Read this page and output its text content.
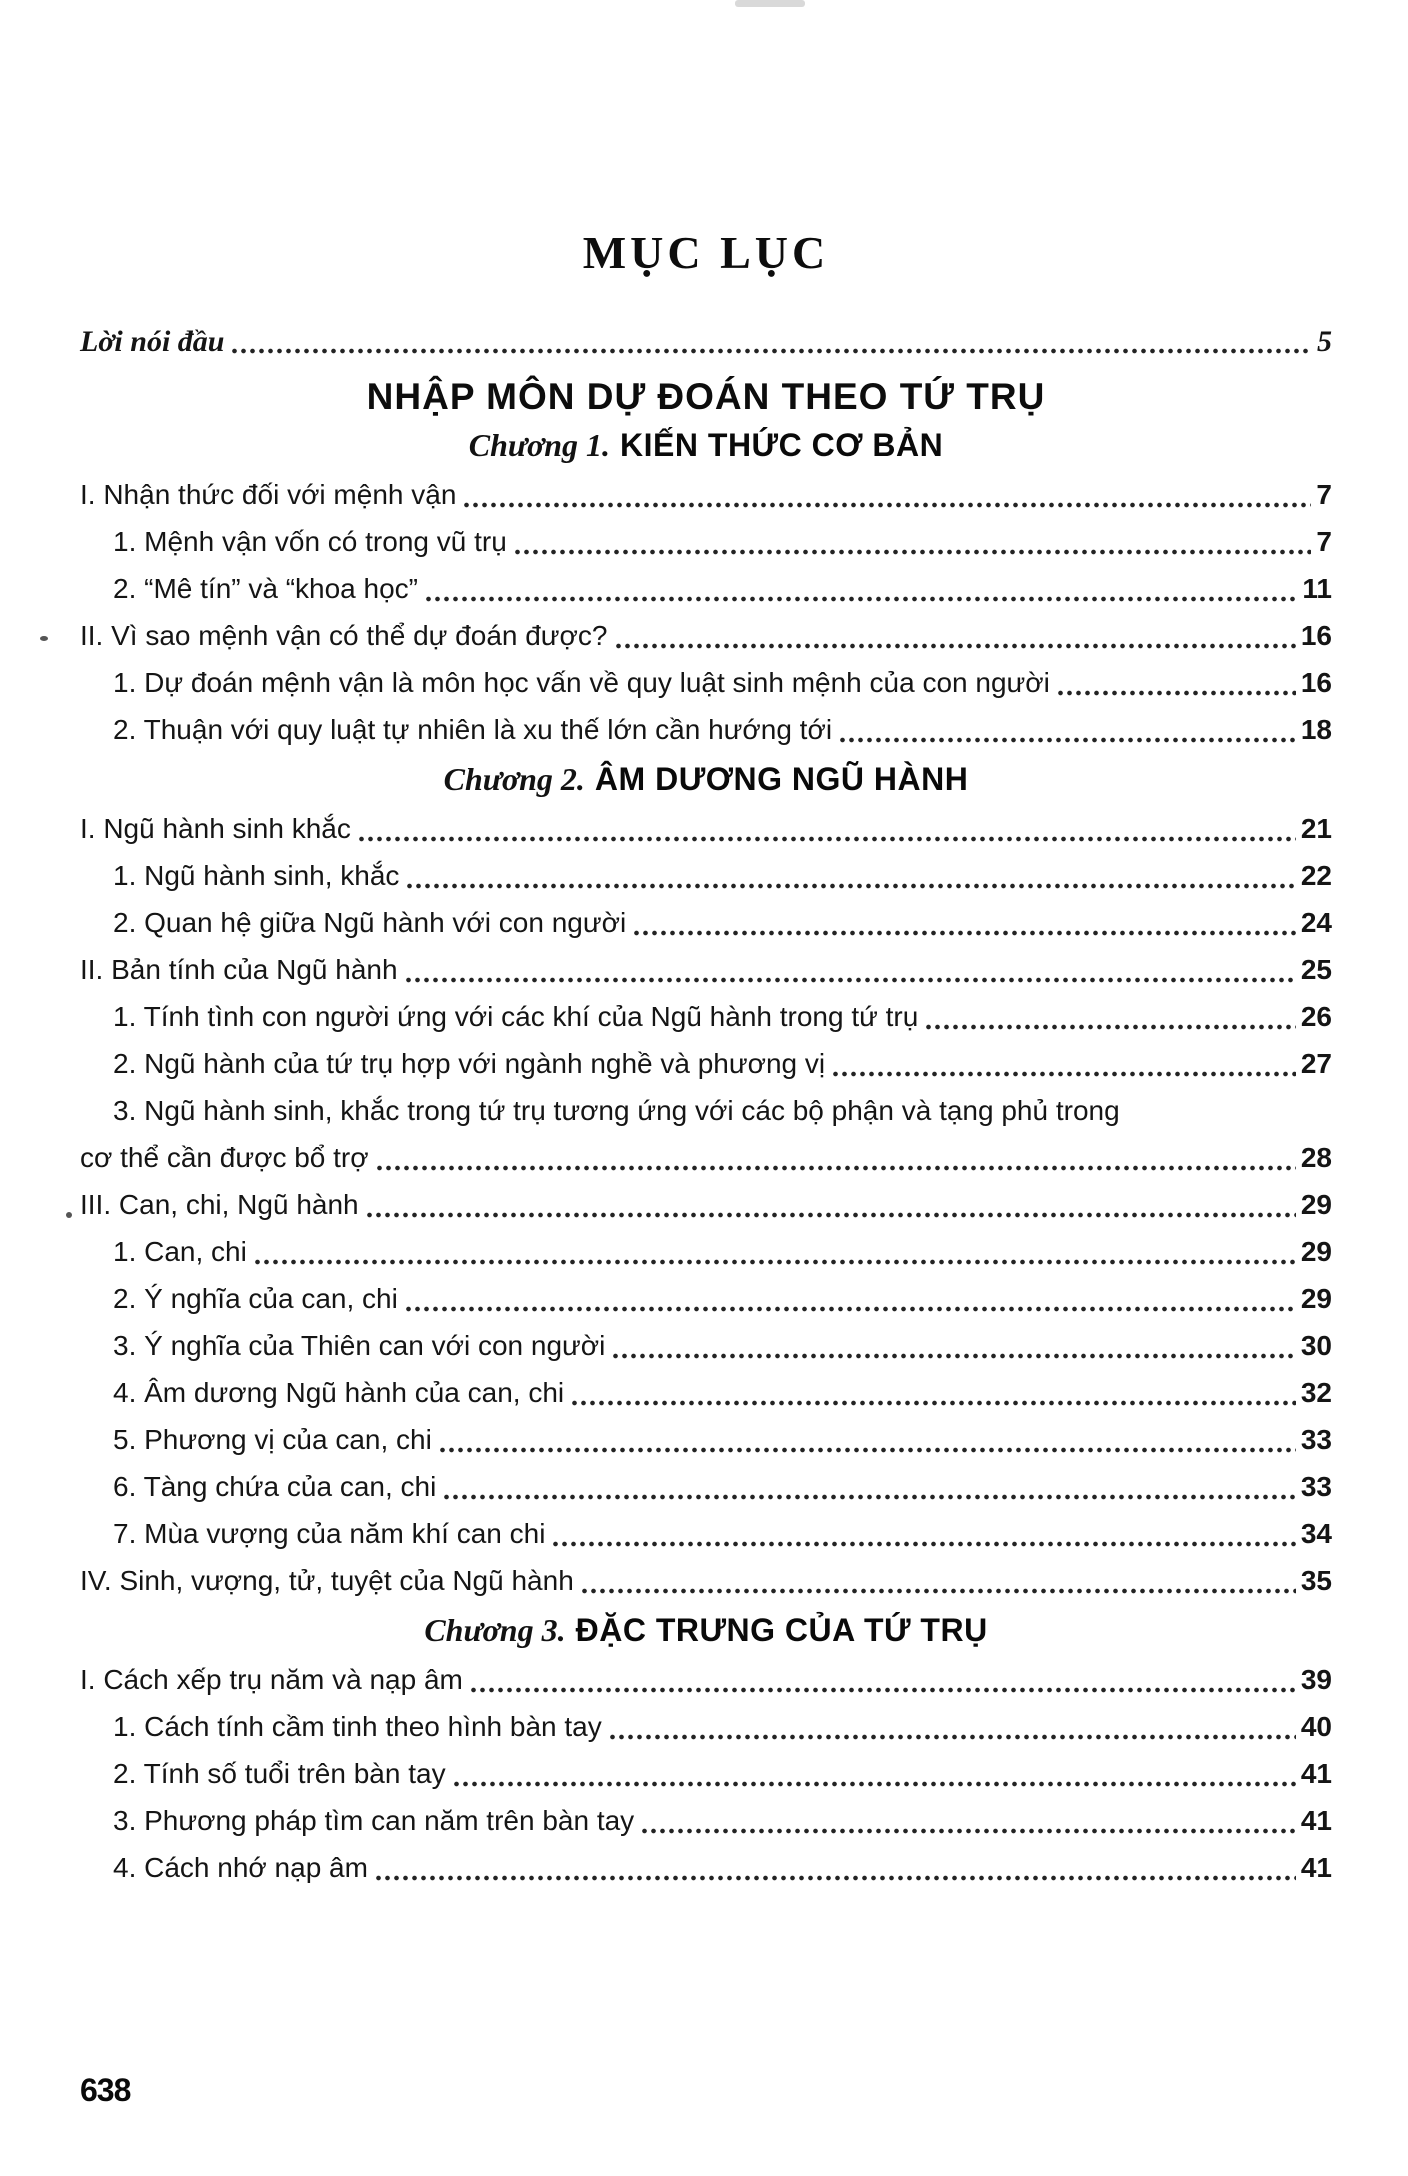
MỤC LỤC
Lời nói đầu	5
NHẬP MÔN DỰ ĐOÁN THEO TỨ TRỤ
Chương 1. KIẾN THỨC CƠ BẢN
I. Nhận thức đối với mệnh vận	7
1. Mệnh vận vốn có trong vũ trụ	7
2. “Mê tín” và “khoa học”	11
II. Vì sao mệnh vận có thể dự đoán được?	16
1. Dự đoán mệnh vận là môn học vấn về quy luật sinh mệnh của con người	16
2. Thuận với quy luật tự nhiên là xu thế lớn cần hướng tới	18
Chương 2. ÂM DƯƠNG NGŨ HÀNH
I. Ngũ hành sinh khắc	21
1. Ngũ hành sinh, khắc	22
2. Quan hệ giữa Ngũ hành với con người	24
II. Bản tính của Ngũ hành	25
1. Tính tình con người ứng với các khí của Ngũ hành trong tứ trụ	26
2. Ngũ hành của tứ trụ hợp với ngành nghề và phương vị	27
3. Ngũ hành sinh, khắc trong tứ trụ tương ứng với các bộ phận và tạng phủ trong
cơ thể cần được bổ trợ	28
III. Can, chi, Ngũ hành	29
1. Can, chi	29
2. Ý nghĩa của can, chi	29
3. Ý nghĩa của Thiên can với con người	30
4. Âm dương Ngũ hành của can, chi	32
5. Phương vị của can, chi	33
6. Tàng chứa của can, chi	33
7. Mùa vượng của năm khí can chi	34
IV. Sinh, vượng, tử, tuyệt của Ngũ hành	35
Chương 3. ĐẶC TRƯNG CỦA TỨ TRỤ
I. Cách xếp trụ năm và nạp âm	39
1. Cách tính cầm tinh theo hình bàn tay	40
2. Tính số tuổi trên bàn tay	41
3. Phương pháp tìm can năm trên bàn tay	41
4. Cách nhớ nạp âm	41
638
